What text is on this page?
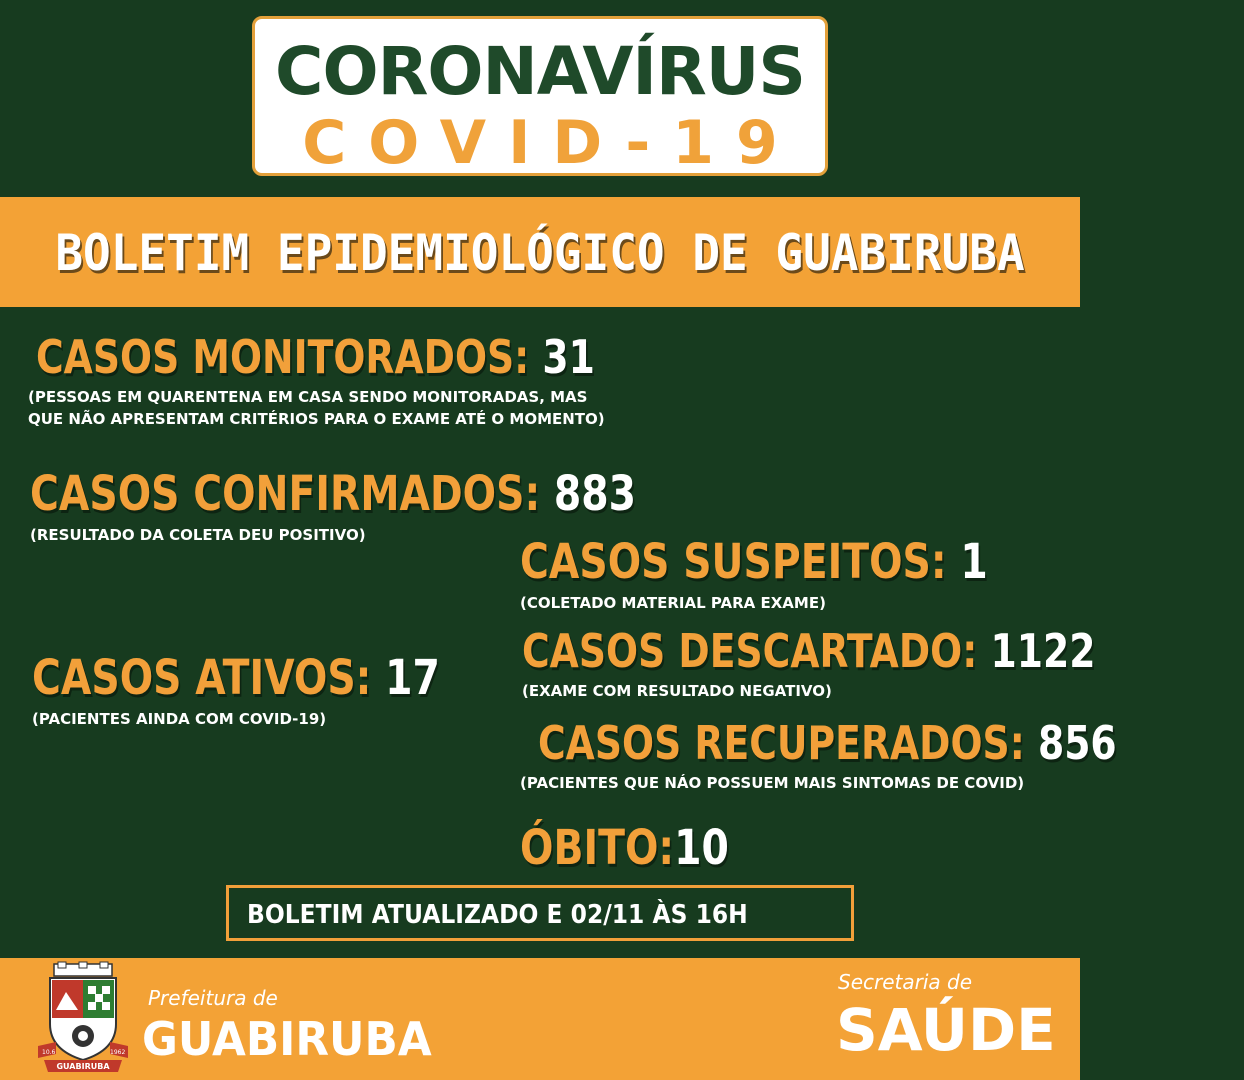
CORONAVÍRUS
COVID-19
BOLETIM EPIDEMIOLÓGICO DE GUABIRUBA
CASOS MONITORADOS: 31
(PESSOAS EM QUARENTENA EM CASA SENDO MONITORADAS, MAS
QUE NÃO APRESENTAM CRITÉRIOS PARA O EXAME ATÉ O MOMENTO)
CASOS CONFIRMADOS: 883
(RESULTADO DA COLETA DEU POSITIVO)	CASOS SUSPEITOS: 1
(COLETADO MATERIAL PARA EXAME)
CASOS DESCARTADO: 1122
(EXAME COM RESULTADO NEGATIVO)
CASOS ATIVOS: 17
(PACIENTES AINDA COM COVID-19)	CASOS RECUPERADOS: 856
(PACIENTES QUE NÁO POSSUEM MAIS SINTOMAS DE COVID)
ÓBITO:10
BOLETIM ATUALIZADO E 02/11 ÀS 16H
10.6	1962
GUABIRUBA
Prefeitura de
GUABIRUBA
Secretaria de
SAÚDE
